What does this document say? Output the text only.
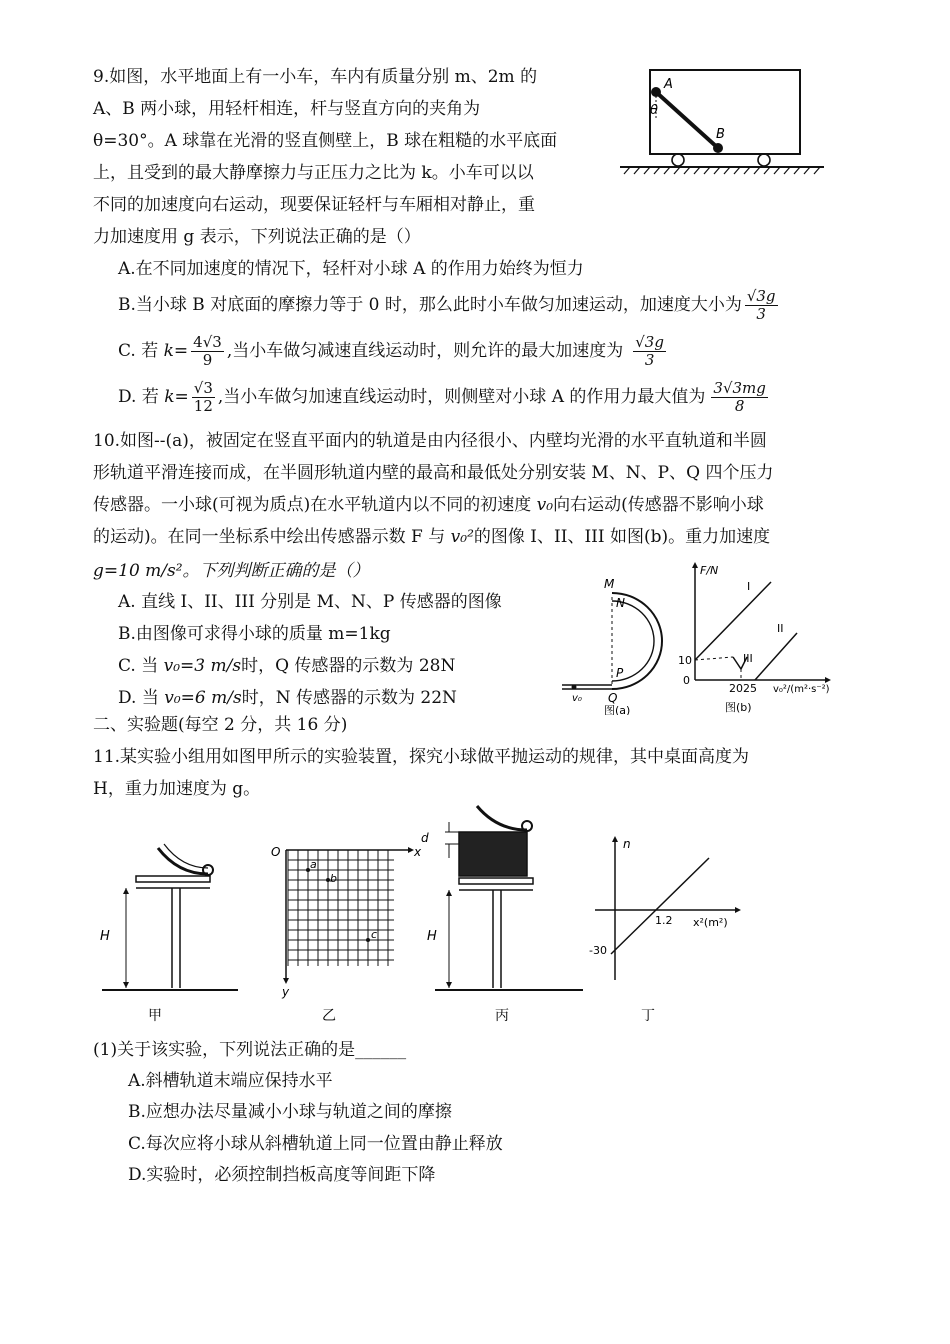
9.如图，水平地面上有一小车，车内有质量分别 m、2m 的
A、B 两小球，用轻杆相连，杆与竖直方向的夹角为
θ=30°。A 球靠在光滑的竖直侧壁上，B 球在粗糙的水平底面
上，且受到的最大静摩擦力与正压力之比为 k。小车可以以
不同的加速度向右运动，现要保证轻杆与车厢相对静止，重
力加速度用 g 表示，下列说法正确的是（）
A
θ
B
A.在不同加速度的情况下，轻杆对小球 A 的作用力始终为恒力
B.当小球 B 对底面的摩擦力等于 0 时，那么此时小车做匀加速运动，加速度大小为 $\frac{√3g}{3}$
C. 若 $k= \frac{4√3}{9}$ ,当小车做匀减速直线运动时，则允许的最大加速度为 $\frac{√3g}{3}$
D. 若 $k= \frac{√3}{12}$ ,当小车做匀加速直线运动时，则侧壁对小球 A 的作用力最大值为 $\frac{3√3mg}{8}$
10.如图--(a)，被固定在竖直平面内的轨道是由内径很小、内壁均光滑的水平直轨道和半圆
形轨道平滑连接而成，在半圆形轨道内壁的最高和最低处分别安装 M、N、P、Q 四个压力
传感器。一小球(可视为质点)在水平轨道内以不同的初速度 v₀向右运动(传感器不影响小球
的运动)。在同一坐标系中绘出传感器示数 F 与 v₀²的图像 I、II、III 如图(b)。重力加速度
g=10 m/s²。下列判断正确的是（）
A. 直线 I、II、III 分别是 M、N、P 传感器的图像
B.由图像可求得小球的质量 m=1kg
C. 当 v₀=3 m/s时，Q 传感器的示数为 28N
D. 当 v₀=6 m/s时，N 传感器的示数为 22N
M
N
P
Q
v₀
图(a)
F/N
10
0
2025 v₀²/(m²·s⁻²)
I
II
III
图(b)
二、实验题(每空 2 分，共 16 分)
11.某实验小组用如图甲所示的实验装置，探究小球做平抛运动的规律，其中桌面高度为
H，重力加速度为 g。
H
甲
O	x
y
a
b
c
乙
d
H
丙
n
x²(m²)
1.2
-30
丁
(1)关于该实验，下列说法正确的是______
A.斜槽轨道末端应保持水平
B.应想办法尽量减小小球与轨道之间的摩擦
C.每次应将小球从斜槽轨道上同一位置由静止释放
D.实验时，必须控制挡板高度等间距下降
